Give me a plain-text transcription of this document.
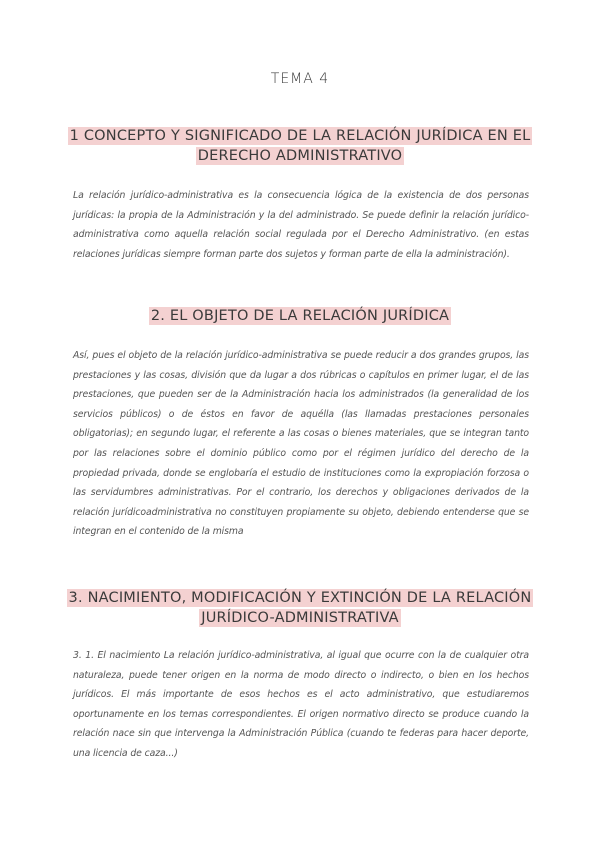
TEMA 4
1 CONCEPTO Y SIGNIFICADO DE LA RELACIÓN JURÍDICA EN EL DERECHO ADMINISTRATIVO
La relación jurídico-administrativa es la consecuencia lógica de la existencia de dos personas jurídicas: la propia de la Administración y la del administrado. Se puede definir la relación jurídico-administrativa como aquella relación social regulada por el Derecho Administrativo. (en estas relaciones jurídicas siempre forman parte dos sujetos y forman parte de ella la administración).
2. EL OBJETO DE LA RELACIÓN JURÍDICA
Así, pues el objeto de la relación jurídico-administrativa se puede reducir a dos grandes grupos, las prestaciones y las cosas, división que da lugar a dos rúbricas o capítulos en primer lugar, el de las prestaciones, que pueden ser de la Administración hacia los administrados (la generalidad de los servicios públicos) o de éstos en favor de aquélla (las llamadas prestaciones personales obligatorias); en segundo lugar, el referente a las cosas o bienes materiales, que se integran tanto por las relaciones sobre el dominio público como por el régimen jurídico del derecho de la propiedad privada, donde se englobaría el estudio de instituciones como la expropiación forzosa o las servidumbres administrativas. Por el contrario, los derechos y obligaciones derivados de la relación jurídicoadministrativa no constituyen propiamente su objeto, debiendo entenderse que se integran en el contenido de la misma
3. NACIMIENTO, MODIFICACIÓN Y EXTINCIÓN DE LA RELACIÓN JURÍDICO-ADMINISTRATIVA
3. 1. El nacimiento La relación jurídico-administrativa, al igual que ocurre con la de cualquier otra naturaleza, puede tener origen en la norma de modo directo o indirecto, o bien en los hechos jurídicos. El más importante de esos hechos es el acto administrativo, que estudiaremos oportunamente en los temas correspondientes. El origen normativo directo se produce cuando la relación nace sin que intervenga la Administración Pública (cuando te federas para hacer deporte, una licencia de caza...)
